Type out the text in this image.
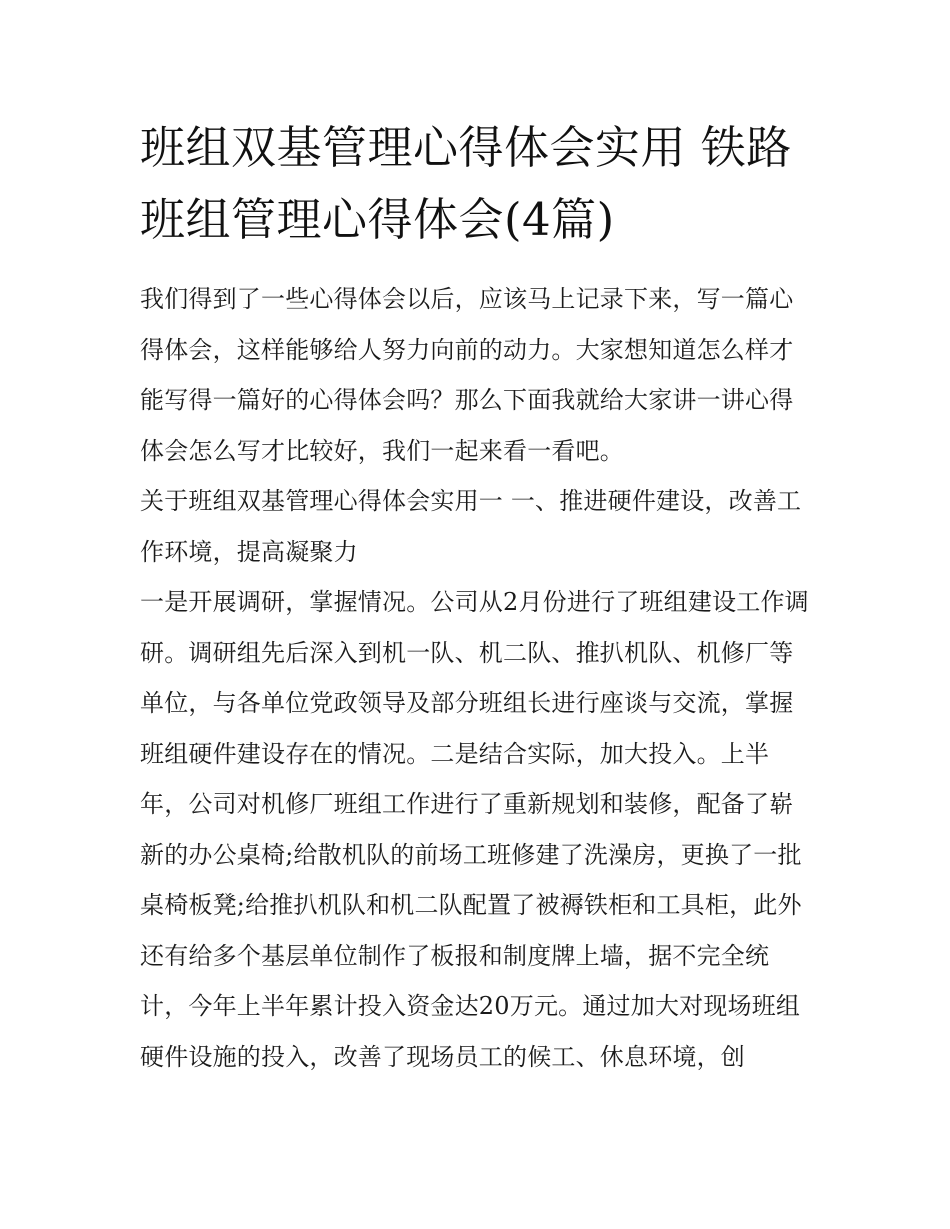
班组双基管理心得体会实用 铁路班组管理心得体会(4篇)

我们得到了一些心得体会以后，应该马上记录下来，写一篇心得体会，这样能够给人努力向前的动力。大家想知道怎么样才能写得一篇好的心得体会吗？那么下面我就给大家讲一讲心得体会怎么写才比较好，我们一起来看一看吧。

关于班组双基管理心得体会实用一 一、推进硬件建设，改善工作环境，提高凝聚力

一是开展调研，掌握情况。公司从2月份进行了班组建设工作调研。调研组先后深入到机一队、机二队、推扒机队、机修厂等单位，与各单位党政领导及部分班组长进行座谈与交流，掌握班组硬件建设存在的情况。二是结合实际，加大投入。上半年，公司对机修厂班组工作进行了重新规划和装修，配备了崭新的办公桌椅;给散机队的前场工班修建了洗澡房，更换了一批桌椅板凳;给推扒机队和机二队配置了被褥铁柜和工具柜，此外还有给多个基层单位制作了板报和制度牌上墙，据不完全统计，今年上半年累计投入资金达20万元。通过加大对现场班组硬件设施的投入，改善了现场员工的候工、休息环境，创
